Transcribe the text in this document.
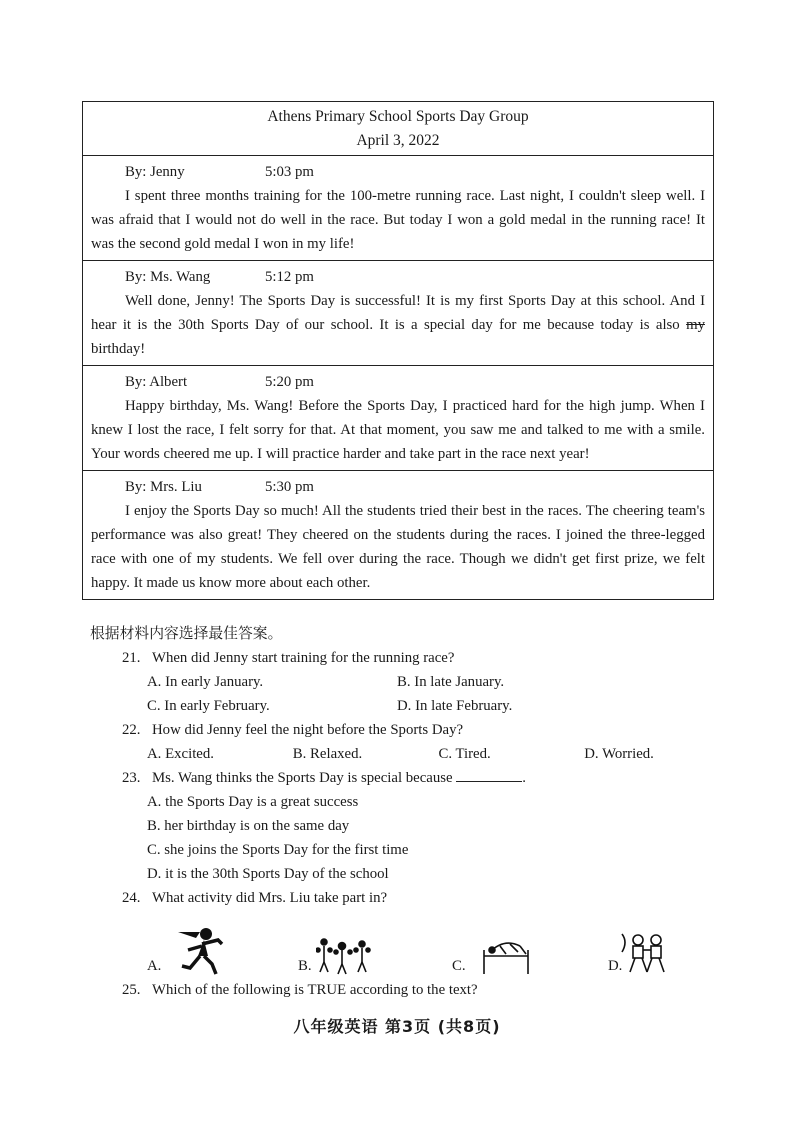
Athens Primary School Sports Day Group
April 3, 2022
By: Jenny	5:03 pm
I spent three months training for the 100-metre running race. Last night, I couldn't sleep well. I was afraid that I would not do well in the race. But today I won a gold medal in the running race! It was the second gold medal I won in my life!
By: Ms. Wang	5:12 pm
Well done, Jenny! The Sports Day is successful! It is my first Sports Day at this school. And I hear it is the 30th Sports Day of our school. It is a special day for me because today is also my birthday!
By: Albert	5:20 pm
Happy birthday, Ms. Wang! Before the Sports Day, I practiced hard for the high jump. When I knew I lost the race, I felt sorry for that. At that moment, you saw me and talked to me with a smile. Your words cheered me up. I will practice harder and take part in the race next year!
By: Mrs. Liu	5:30 pm
I enjoy the Sports Day so much! All the students tried their best in the races. The cheering team's performance was also great! They cheered on the students during the races. I joined the three-legged race with one of my students. We fell over during the race. Though we didn't get first prize, we felt happy. It made us know more about each other.
根据材料内容选择最佳答案。
21. When did Jenny start training for the running race?
A. In early January.	B. In late January.
C. In early February.	D. In late February.
22. How did Jenny feel the night before the Sports Day?
A. Excited.	B. Relaxed.	C. Tired.	D. Worried.
23. Ms. Wang thinks the Sports Day is special because	.
A. the Sports Day is a great success
B. her birthday is on the same day
C. she joins the Sports Day for the first time
D. it is the 30th Sports Day of the school
24. What activity did Mrs. Liu take part in?
A.	B.	C.	D.
25. Which of the following is TRUE according to the text?
八年级英语 第3页 (共8页)
